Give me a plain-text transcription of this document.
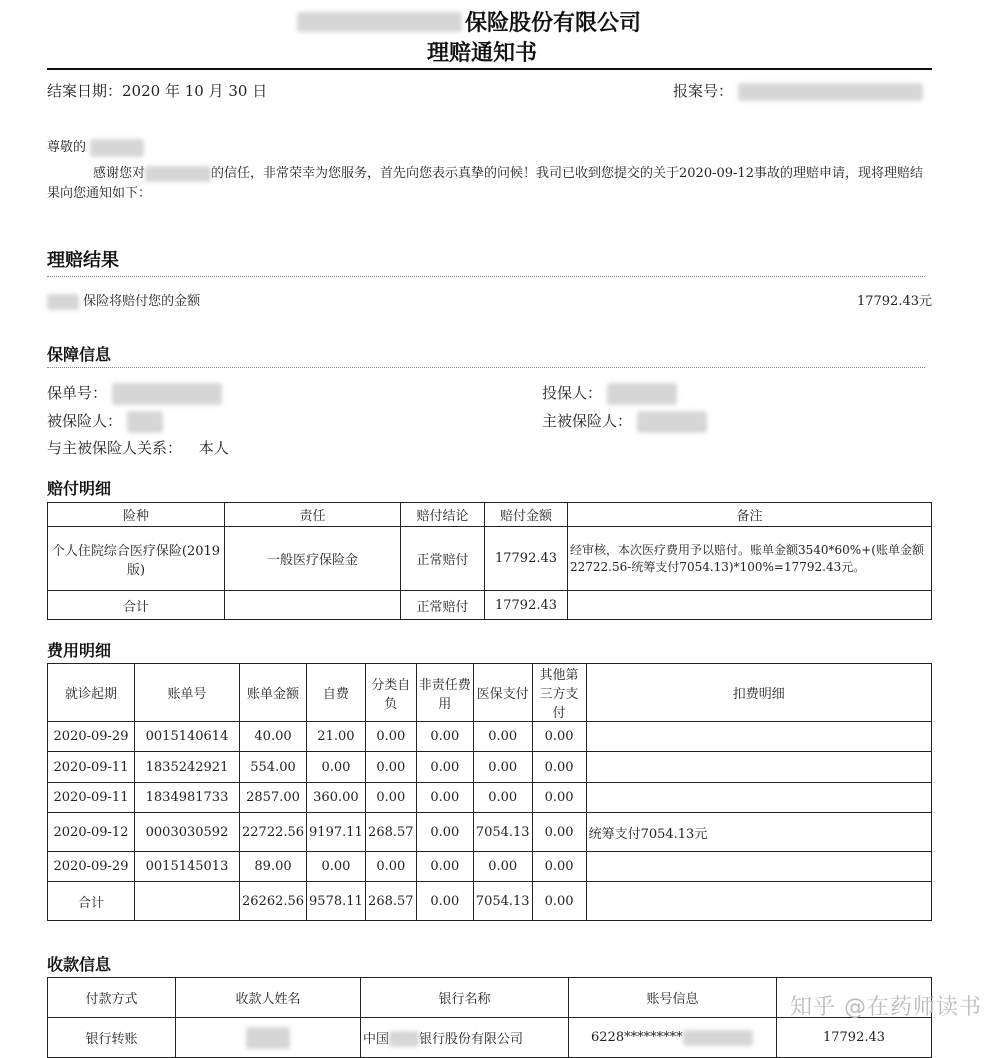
保险股份有限公司
理赔通知书
结案日期：2020 年 10 月 30 日	报案号：
尊敬的
感谢您对	的信任，非常荣幸为您服务，首先向您表示真挚的问候！我司已收到您提交的关于2020-09-12事故的理赔申请，现将理赔结果向您通知如下：
理赔结果
保险将赔付您的金额	17792.43元
保障信息
保单号：	投保人：
被保险人：	主被保险人：
与主被保险人关系： 本人
赔付明细
险种	责任	赔付结论	赔付金额	备注
个人住院综合医疗保险(2019版)	一般医疗保险金	正常赔付	17792.43	经审核，本次医疗费用予以赔付。账单金额3540*60%+(账单金额22722.56-统筹支付7054.13)*100%=17792.43元。
合计		正常赔付	17792.43	
费用明细
就诊起期	账单号	账单金额	自费	分类自负	非责任费用	医保支付	其他第三方支付	扣费明细
2020-09-29	0015140614	40.00	21.00	0.00	0.00	0.00	0.00	
2020-09-11	1835242921	554.00	0.00	0.00	0.00	0.00	0.00	
2020-09-11	1834981733	2857.00	360.00	0.00	0.00	0.00	0.00	
2020-09-12	0003030592	22722.56	9197.11	268.57	0.00	7054.13	0.00	统筹支付7054.13元
2020-09-29	0015145013	89.00	0.00	0.00	0.00	0.00	0.00	
合计		26262.56	9578.11	268.57	0.00	7054.13	0.00	
收款信息
付款方式	收款人姓名	银行名称	账号信息	
银行转账		中国 银行股份有限公司	6228*********	17792.43
知乎 @在药师读书
